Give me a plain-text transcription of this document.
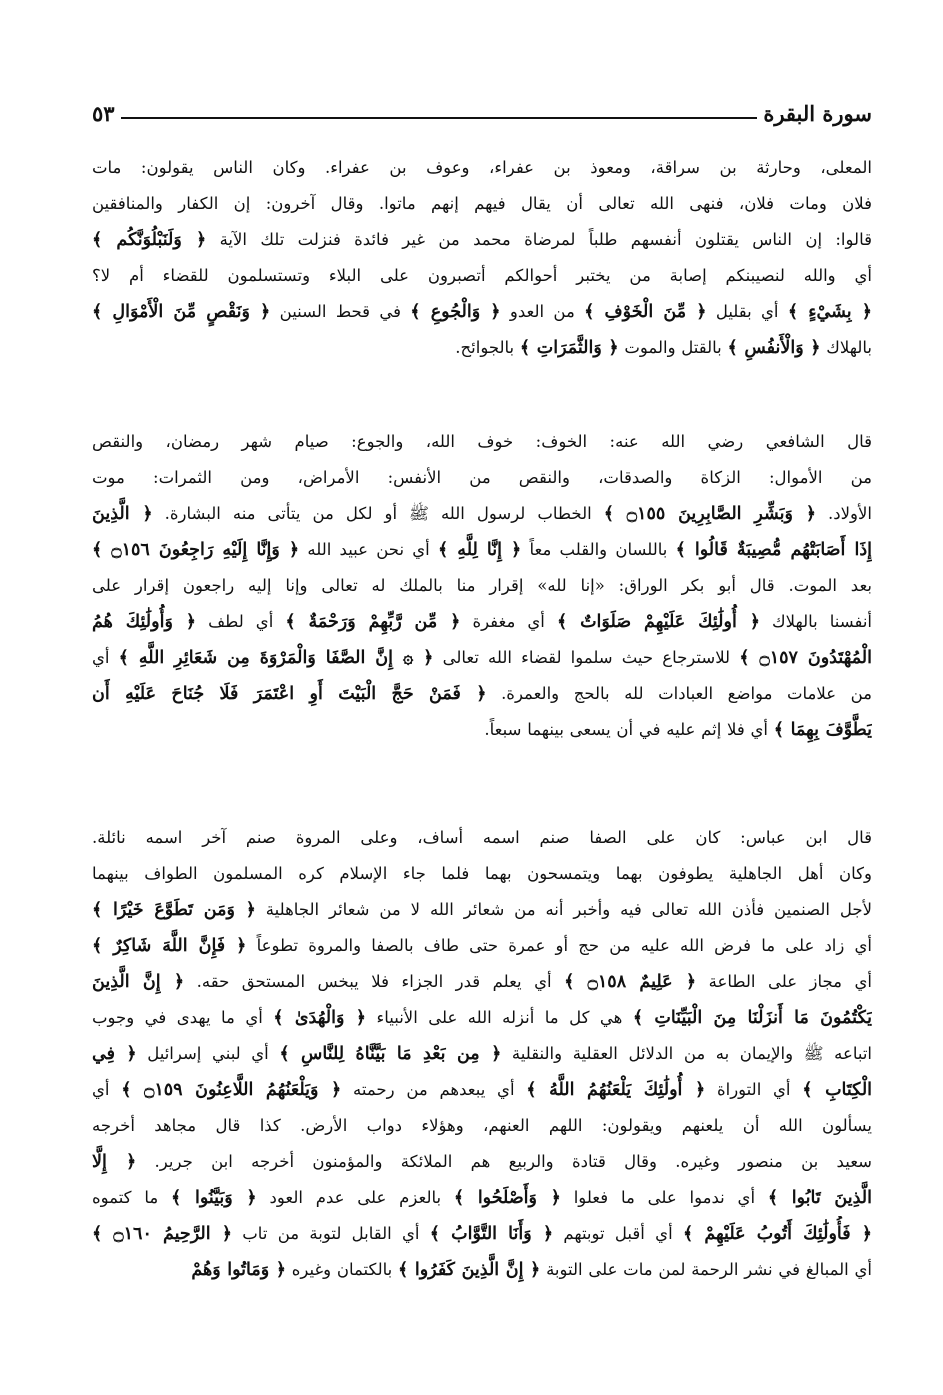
سورة البقرة
٥٣
المعلى، وحارثة بن سراقة، ومعوذ بن عفراء، وعوف بن عفراء. وكان الناس يقولون: مات
فلان ومات فلان، فنهى الله تعالى أن يقال فيهم إنهم ماتوا. وقال آخرون: إن الكفار والمنافقين
قالوا: إن الناس يقتلون أنفسهم طلباً لمرضاة محمد من غير فائدة فنزلت تلك الآية ﴿ وَلَنَبْلُوَنَّكُم ﴾
أي والله لنصيبنكم إصابة من يختبر أحوالكم أتصبرون على البلاء وتستسلمون للقضاء أم لا؟
﴿ بِشَيْءٍ ﴾ أي بقليل ﴿ مِّنَ الْخَوْفِ ﴾ من العدو ﴿ وَالْجُوعِ ﴾ في قحط السنين ﴿ وَنَقْصٍ مِّنَ الْأَمْوَالِ ﴾
بالهلاك ﴿ وَالْأَنفُسِ ﴾ بالقتل والموت ﴿ وَالثَّمَرَاتِ ﴾ بالجوائح.
قال الشافعي رضي الله عنه: الخوف: خوف الله، والجوع: صيام شهر رمضان، والنقص
من الأموال: الزكاة والصدقات، والنقص من الأنفس: الأمراض، ومن الثمرات: موت
الأولاد. ﴿ وَبَشِّرِ الصَّابِرِينَ ۝١٥٥ ﴾ الخطاب لرسول الله ﷺ أو لكل من يتأتى منه البشارة. ﴿ الَّذِينَ
إِذَا أَصَابَتْهُم مُّصِيبَةٌ قَالُوا ﴾ باللسان والقلب معاً ﴿ إِنَّا لِلَّهِ ﴾ أي نحن عبيد الله ﴿ وَإِنَّا إِلَيْهِ رَاجِعُونَ ۝١٥٦ ﴾
بعد الموت. قال أبو بكر الوراق: «إنا لله» إقرار منا بالملك له تعالى وإنا إليه راجعون إقرار على
أنفسنا بالهلاك ﴿ أُولَٰئِكَ عَلَيْهِمْ صَلَوَاتٌ ﴾ أي مغفرة ﴿ مِّن رَّبِّهِمْ وَرَحْمَةٌ ﴾ أي لطف ﴿ وَأُولَٰئِكَ هُمُ
الْمُهْتَدُونَ ۝١٥٧ ﴾ للاسترجاع حيث سلموا لقضاء الله تعالى ﴿ ۞ إِنَّ الصَّفَا وَالْمَرْوَةَ مِن شَعَائِرِ اللَّهِ ﴾ أي
من علامات مواضع العبادات لله بالحج والعمرة. ﴿ فَمَنْ حَجَّ الْبَيْتَ أَوِ اعْتَمَرَ فَلَا جُنَاحَ عَلَيْهِ أَن
يَطَّوَّفَ بِهِمَا ﴾ أي فلا إثم عليه في أن يسعى بينهما سبعاً.
قال ابن عباس: كان على الصفا صنم اسمه أساف، وعلى المروة صنم آخر اسمه نائلة.
وكان أهل الجاهلية يطوفون بهما ويتمسحون بهما فلما جاء الإسلام كره المسلمون الطواف بينهما
لأجل الصنمين فأذن الله تعالى فيه وأخبر أنه من شعائر الله لا من شعائر الجاهلية ﴿ وَمَن تَطَوَّعَ خَيْرًا ﴾
أي زاد على ما فرض الله عليه من حج أو عمرة حتى طاف بالصفا والمروة تطوعاً ﴿ فَإِنَّ اللَّهَ شَاكِرٌ ﴾
أي مجاز على الطاعة ﴿ عَلِيمٌ ۝١٥٨ ﴾ أي يعلم قدر الجزاء فلا يبخس المستحق حقه. ﴿ إِنَّ الَّذِينَ
يَكْتُمُونَ مَا أَنزَلْنَا مِنَ الْبَيِّنَاتِ ﴾ هي كل ما أنزله الله على الأنبياء ﴿ وَالْهُدَىٰ ﴾ أي ما يهدى في وجوب
اتباعه ﷺ والإيمان به من الدلائل العقلية والنقلية ﴿ مِن بَعْدِ مَا بَيَّنَّاهُ لِلنَّاسِ ﴾ أي لبني إسرائيل ﴿ فِي
الْكِتَابِ ﴾ أي التوراة ﴿ أُولَٰئِكَ يَلْعَنُهُمُ اللَّهُ ﴾ أي يبعدهم من رحمته ﴿ وَيَلْعَنُهُمُ اللَّاعِنُونَ ۝١٥٩ ﴾ أي
يسألون الله أن يلعنهم ويقولون: اللهم العنهم، وهؤلاء دواب الأرض. كذا قال مجاهد أخرجه
سعيد بن منصور وغيره. وقال قتادة والربيع هم الملائكة والمؤمنون أخرجه ابن جرير. ﴿ إِلَّا
الَّذِينَ تَابُوا ﴾ أي ندموا على ما فعلوا ﴿ وَأَصْلَحُوا ﴾ بالعزم على عدم العود ﴿ وَبَيَّنُوا ﴾ ما كتموه
﴿ فَأُولَٰئِكَ أَتُوبُ عَلَيْهِمْ ﴾ أي أقبل توبتهم ﴿ وَأَنَا التَّوَّابُ ﴾ أي القابل لتوبة من تاب ﴿ الرَّحِيمُ ۝١٦٠ ﴾
أي المبالغ في نشر الرحمة لمن مات على التوبة ﴿ إِنَّ الَّذِينَ كَفَرُوا ﴾ بالكتمان وغيره ﴿ وَمَاتُوا وَهُمْ
